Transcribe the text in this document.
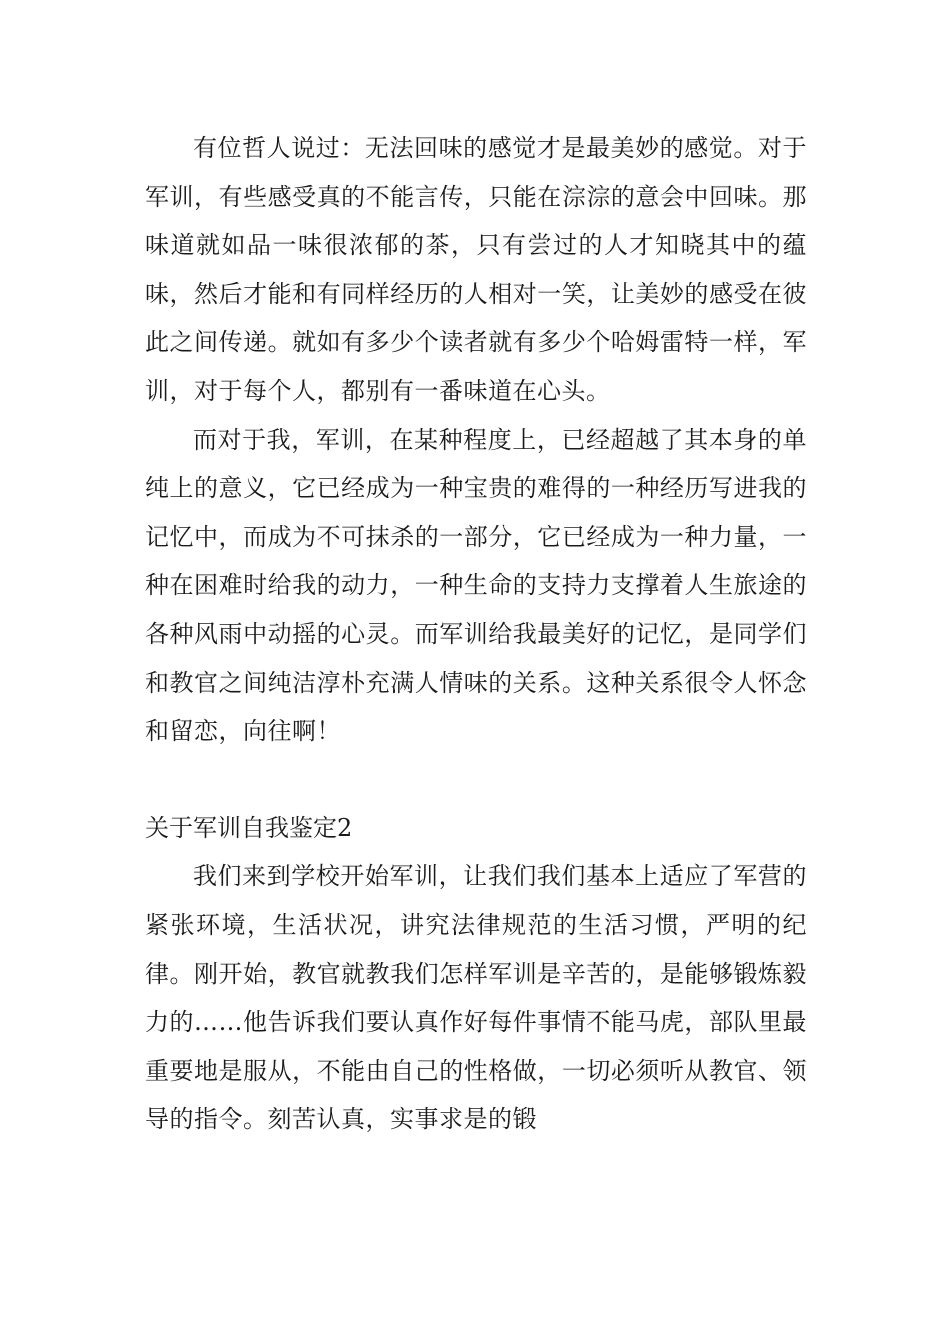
有位哲人说过：无法回味的感觉才是最美妙的感觉。对于军训，有些感受真的不能言传，只能在淙淙的意会中回味。那味道就如品一味很浓郁的茶，只有尝过的人才知晓其中的蕴味，然后才能和有同样经历的人相对一笑，让美妙的感受在彼此之间传递。就如有多少个读者就有多少个哈姆雷特一样，军训，对于每个人，都别有一番味道在心头。

而对于我，军训，在某种程度上，已经超越了其本身的单纯上的意义，它已经成为一种宝贵的难得的一种经历写进我的记忆中，而成为不可抹杀的一部分，它已经成为一种力量，一种在困难时给我的动力，一种生命的支持力支撑着人生旅途的各种风雨中动摇的心灵。而军训给我最美好的记忆，是同学们和教官之间纯洁淳朴充满人情味的关系。这种关系很令人怀念和留恋，向往啊！

关于军训自我鉴定2

我们来到学校开始军训，让我们我们基本上适应了军营的紧张环境，生活状况，讲究法律规范的生活习惯，严明的纪律。刚开始，教官就教我们怎样军训是辛苦的，是能够锻炼毅力的……他告诉我们要认真作好每件事情不能马虎，部队里最重要地是服从，不能由自己的性格做，一切必须听从教官、领导的指令。刻苦认真，实事求是的锻
